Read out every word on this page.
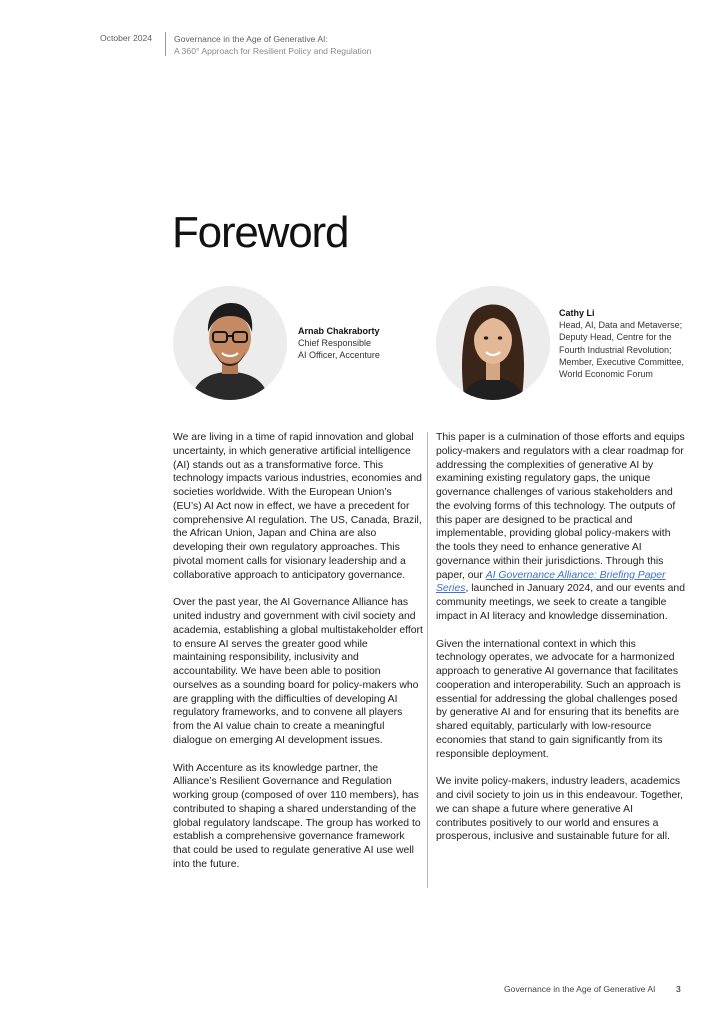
October 2024	Governance in the Age of Generative AI:
A 360° Approach for Resilient Policy and Regulation
Foreword
Arnab Chakraborty
Chief Responsible
AI Officer, Accenture
Cathy Li
Head, AI, Data and Metaverse;
Deputy Head, Centre for the
Fourth Industrial Revolution;
Member, Executive Committee,
World Economic Forum

We are living in a time of rapid innovation and global uncertainty, in which generative artificial intelligence (AI) stands out as a transformative force. This technology impacts various industries, economies and societies worldwide. With the European Union’s (EU’s) AI Act now in effect, we have a precedent for comprehensive AI regulation. The US, Canada, Brazil, the African Union, Japan and China are also developing their own regulatory approaches. This pivotal moment calls for visionary leadership and a collaborative approach to anticipatory governance.

Over the past year, the AI Governance Alliance has united industry and government with civil society and academia, establishing a global multistakeholder effort to ensure AI serves the greater good while maintaining responsibility, inclusivity and accountability. We have been able to position ourselves as a sounding board for policy-makers who are grappling with the difficulties of developing AI regulatory frameworks, and to convene all players from the AI value chain to create a meaningful dialogue on emerging AI development issues.

With Accenture as its knowledge partner, the Alliance’s Resilient Governance and Regulation working group (composed of over 110 members), has contributed to shaping a shared understanding of the global regulatory landscape. The group has worked to establish a comprehensive governance framework that could be used to regulate generative AI use well into the future.

This paper is a culmination of those efforts and equips policy-makers and regulators with a clear roadmap for addressing the complexities of generative AI by examining existing regulatory gaps, the unique governance challenges of various stakeholders and the evolving forms of this technology. The outputs of this paper are designed to be practical and implementable, providing global policy-makers with the tools they need to enhance generative AI governance within their jurisdictions. Through this paper, our AI Governance Alliance: Briefing Paper Series, launched in January 2024, and our events and community meetings, we seek to create a tangible impact in AI literacy and knowledge dissemination.

Given the international context in which this technology operates, we advocate for a harmonized approach to generative AI governance that facilitates cooperation and interoperability. Such an approach is essential for addressing the global challenges posed by generative AI and for ensuring that its benefits are shared equitably, particularly with low-resource economies that stand to gain significantly from its responsible deployment.

We invite policy-makers, industry leaders, academics and civil society to join us in this endeavour. Together, we can shape a future where generative AI contributes positively to our world and ensures a prosperous, inclusive and sustainable future for all.

Governance in the Age of Generative AI 3
